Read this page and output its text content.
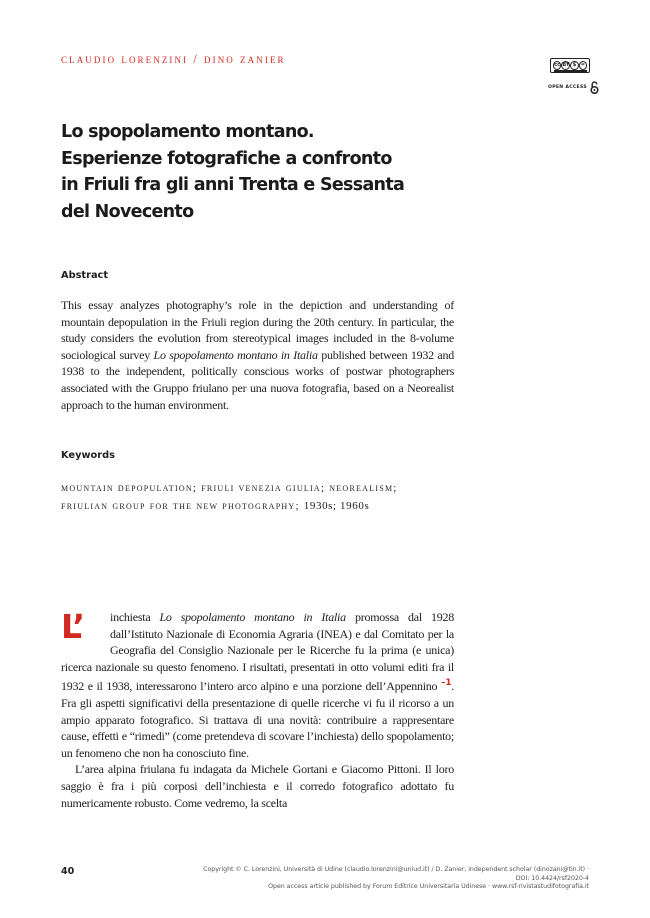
claudio lorenzini / dino zanier	cc BY $ =
OPEN ACCESS
Lo spopolamento montano.
Esperienze fotografiche a confronto
in Friuli fra gli anni Trenta e Sessanta
del Novecento
Abstract

This essay analyzes photography’s role in the depiction and understanding of mountain depopulation in the Friuli region during the 20th century. In particular, the study considers the evolution from stereotypical images included in the 8-volume sociological survey Lo spopolamento montano in Italia published between 1932 and 1938 to the independent, politically conscious works of postwar photographers associated with the Gruppo friulano per una nuova fotografia, based on a Neorealist approach to the human environment.

Keywords

mountain depopulation; friuli venezia giulia; neorealism; friulian group for the new photography; 1930s; 1960s

L’	inchiesta Lo spopolamento montano in Italia promossa dal 1928 dall’Istituto Nazionale di Economia Agraria (INEA) e dal Comitato per la Geografia del Consiglio Nazionale per le Ricerche fu la prima (e unica) ricerca nazionale su questo fenomeno. I risultati, presentati in otto volumi editi fra il 1932 e il 1938, interessarono l’intero arco alpino e una porzione dell’Appennino $^{-1}$. Fra gli aspetti significativi della presentazione di quelle ricerche vi fu il ricorso a un ampio apparato fotografico. Si trattava di una novità: contribuire a rappresentare cause, effetti e “rimedi” (come pretendeva di scovare l’inchiesta) dello spopolamento; un fenomeno che non ha conosciuto fine.

L’area alpina friulana fu indagata da Michele Gortani e Giacomo Pittoni. Il loro saggio è fra i più corposi dell’inchiesta e il corredo fotografico adottato fu numericamente robusto. Come vedremo, la scelta

40	Copyright © C. Lorenzini, Università di Udine (claudio.lorenzini@uniud.it) / D. Zanier, independent scholar (dinozani@tin.it) ·
DOI: 10.4424/rsf2020-4
Open access article published by Forum Editrice Universitaria Udinese · www.rsf-rivistastudifotografia.it
